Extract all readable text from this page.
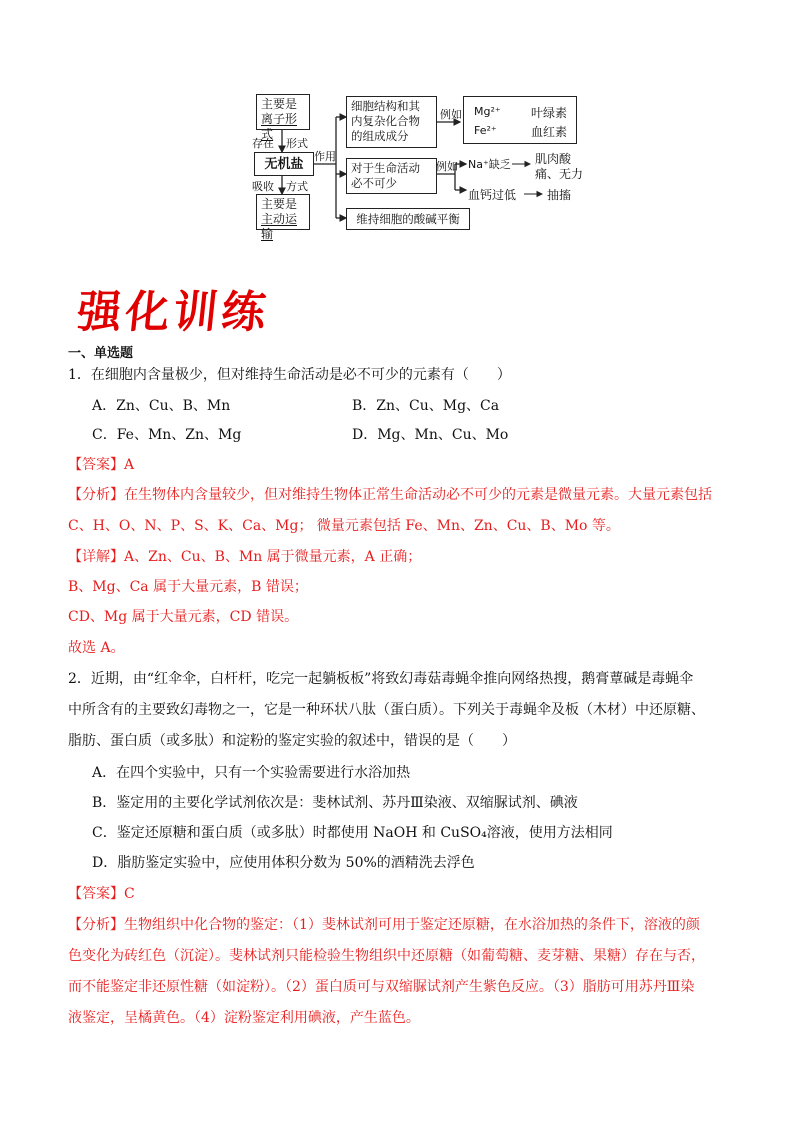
主要是
离子形式
存在 形式
无机盐
吸收 方式
主要是
主动运输
作用
细胞结构和其
内复杂化合物
的组成成分
对于生命活动
必不可少
维持细胞的酸碱平衡
例如
例如
Mg²⁺	叶绿素
Fe²⁺	血红素
Na⁺缺乏 肌肉酸
痛、无力
血钙过低	抽搐
强化训练
一、单选题
1．在细胞内含量极少，但对维持生命活动是必不可少的元素有（　　）
A．Zn、Cu、B、Mn	B．Zn、Cu、Mg、Ca
C．Fe、Mn、Zn、Mg	D．Mg、Mn、Cu、Mo
【答案】A
【分析】在生物体内含量较少，但对维持生物体正常生命活动必不可少的元素是微量元素。大量元素包括
C、H、O、N、P、S、K、Ca、Mg； 微量元素包括 Fe、Mn、Zn、Cu、B、Mo 等。
【详解】A、Zn、Cu、B、Mn 属于微量元素，A 正确；
B、Mg、Ca 属于大量元素，B 错误；
CD、Mg 属于大量元素，CD 错误。
故选 A。
2．近期，由“红伞伞，白杆杆，吃完一起躺板板”将致幻毒菇毒蝇伞推向网络热搜，鹅膏蕈碱是毒蝇伞
中所含有的主要致幻毒物之一，它是一种环状八肽（蛋白质）。下列关于毒蝇伞及板（木材）中还原糖、
脂肪、蛋白质（或多肽）和淀粉的鉴定实验的叙述中，错误的是（　　）
A．在四个实验中，只有一个实验需要进行水浴加热
B．鉴定用的主要化学试剂依次是：斐林试剂、苏丹Ⅲ染液、双缩脲试剂、碘液
C．鉴定还原糖和蛋白质（或多肽）时都使用 NaOH 和 CuSO₄溶液，使用方法相同
D．脂肪鉴定实验中，应使用体积分数为 50%的酒精洗去浮色
【答案】C
【分析】生物组织中化合物的鉴定：（1）斐林试剂可用于鉴定还原糖，在水浴加热的条件下，溶液的颜
色变化为砖红色（沉淀）。斐林试剂只能检验生物组织中还原糖（如葡萄糖、麦芽糖、果糖）存在与否，
而不能鉴定非还原性糖（如淀粉）。（2）蛋白质可与双缩脲试剂产生紫色反应。（3）脂肪可用苏丹Ⅲ染
液鉴定，呈橘黄色。（4）淀粉鉴定利用碘液，产生蓝色。
